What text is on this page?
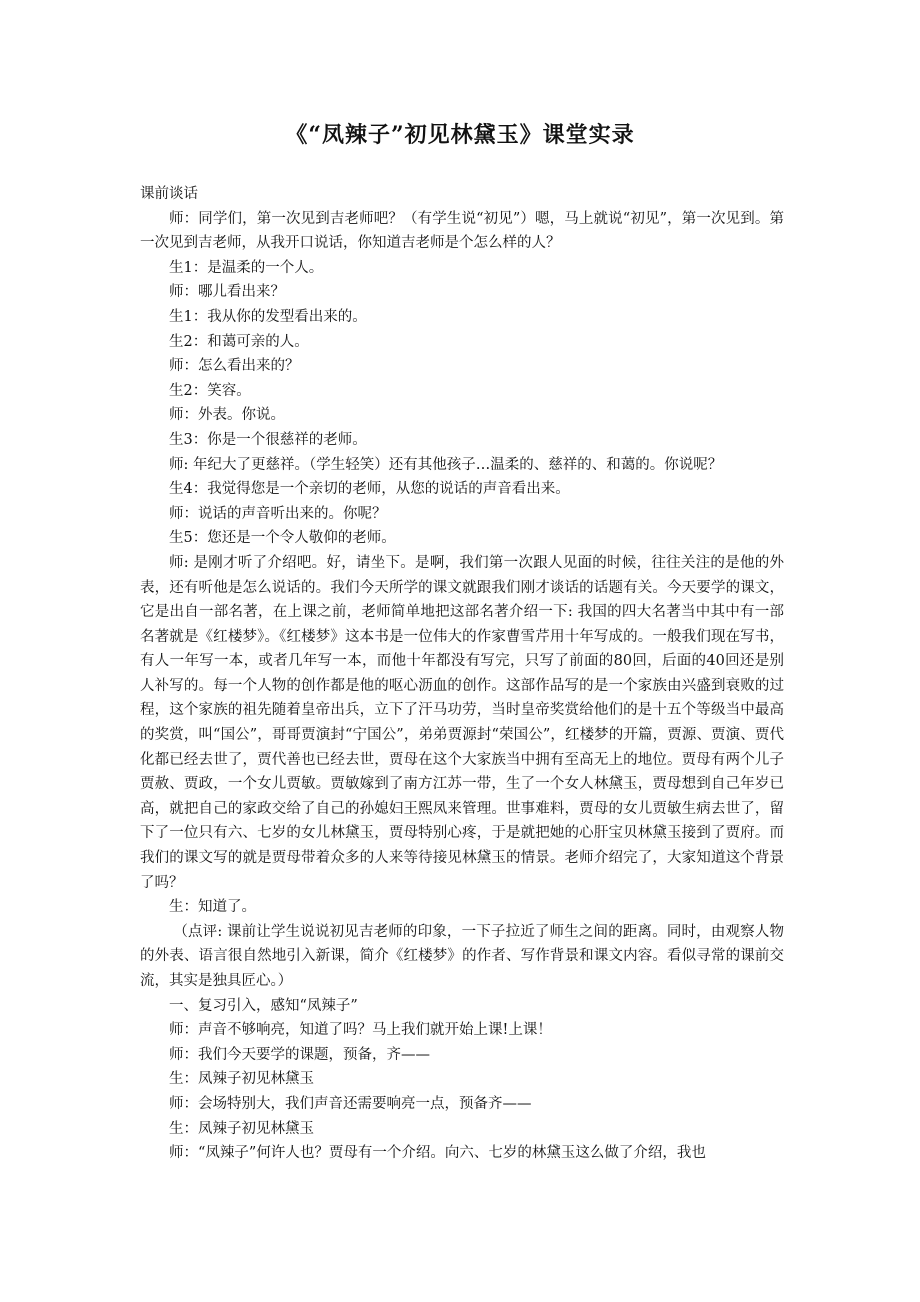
《“凤辣子”初见林黛玉》课堂实录

课前谈话

师：同学们，第一次见到吉老师吧？（有学生说“初见”）嗯，马上就说“初见”，第一次见到。第一次见到吉老师，从我开口说话，你知道吉老师是个怎么样的人？

生1：是温柔的一个人。

师：哪儿看出来？

生1：我从你的发型看出来的。

生2：和蔼可亲的人。

师：怎么看出来的？

生2：笑容。

师：外表。你说。

生3：你是一个很慈祥的老师。

师: 年纪大了更慈祥。（学生轻笑）还有其他孩子…温柔的、慈祥的、和蔼的。你说呢？

生4：我觉得您是一个亲切的老师，从您的说话的声音看出来。

师：说话的声音听出来的。你呢？

生5：您还是一个令人敬仰的老师。

师: 是刚才听了介绍吧。好，请坐下。是啊，我们第一次跟人见面的时候，往往关注的是他的外表，还有听他是怎么说话的。我们今天所学的课文就跟我们刚才谈话的话题有关。今天要学的课文，它是出自一部名著，在上课之前，老师简单地把这部名著介绍一下: 我国的四大名著当中其中有一部名著就是《红楼梦》。《红楼梦》这本书是一位伟大的作家曹雪芹用十年写成的。一般我们现在写书，有人一年写一本，或者几年写一本，而他十年都没有写完，只写了前面的80回，后面的40回还是别人补写的。每一个人物的创作都是他的呕心沥血的创作。这部作品写的是一个家族由兴盛到衰败的过程，这个家族的祖先随着皇帝出兵，立下了汗马功劳，当时皇帝奖赏给他们的是十五个等级当中最高的奖赏，叫“国公”，哥哥贾演封“宁国公”，弟弟贾源封“荣国公”，红楼梦的开篇，贾源、贾演、贾代化都已经去世了，贾代善也已经去世，贾母在这个大家族当中拥有至高无上的地位。贾母有两个儿子贾赦、贾政，一个女儿贾敏。贾敏嫁到了南方江苏一带，生了一个女人林黛玉，贾母想到自己年岁已高，就把自己的家政交给了自己的孙媳妇王熙凤来管理。世事难料，贾母的女儿贾敏生病去世了，留下了一位只有六、七岁的女儿林黛玉，贾母特别心疼，于是就把她的心肝宝贝林黛玉接到了贾府。而我们的课文写的就是贾母带着众多的人来等待接见林黛玉的情景。老师介绍完了，大家知道这个背景了吗？

生：知道了。

（点评: 课前让学生说说初见吉老师的印象，一下子拉近了师生之间的距离。同时，由观察人物的外表、语言很自然地引入新课，简介《红楼梦》的作者、写作背景和课文内容。看似寻常的课前交流，其实是独具匠心。）

一、复习引入，感知“凤辣子”

师：声音不够响亮，知道了吗？马上我们就开始上课!上课！

师：我们今天要学的课题，预备，齐——

生：凤辣子初见林黛玉

师：会场特别大，我们声音还需要响亮一点，预备齐——

生：凤辣子初见林黛玉

师：“凤辣子”何许人也？贾母有一个介绍。向六、七岁的林黛玉这么做了介绍，我也
